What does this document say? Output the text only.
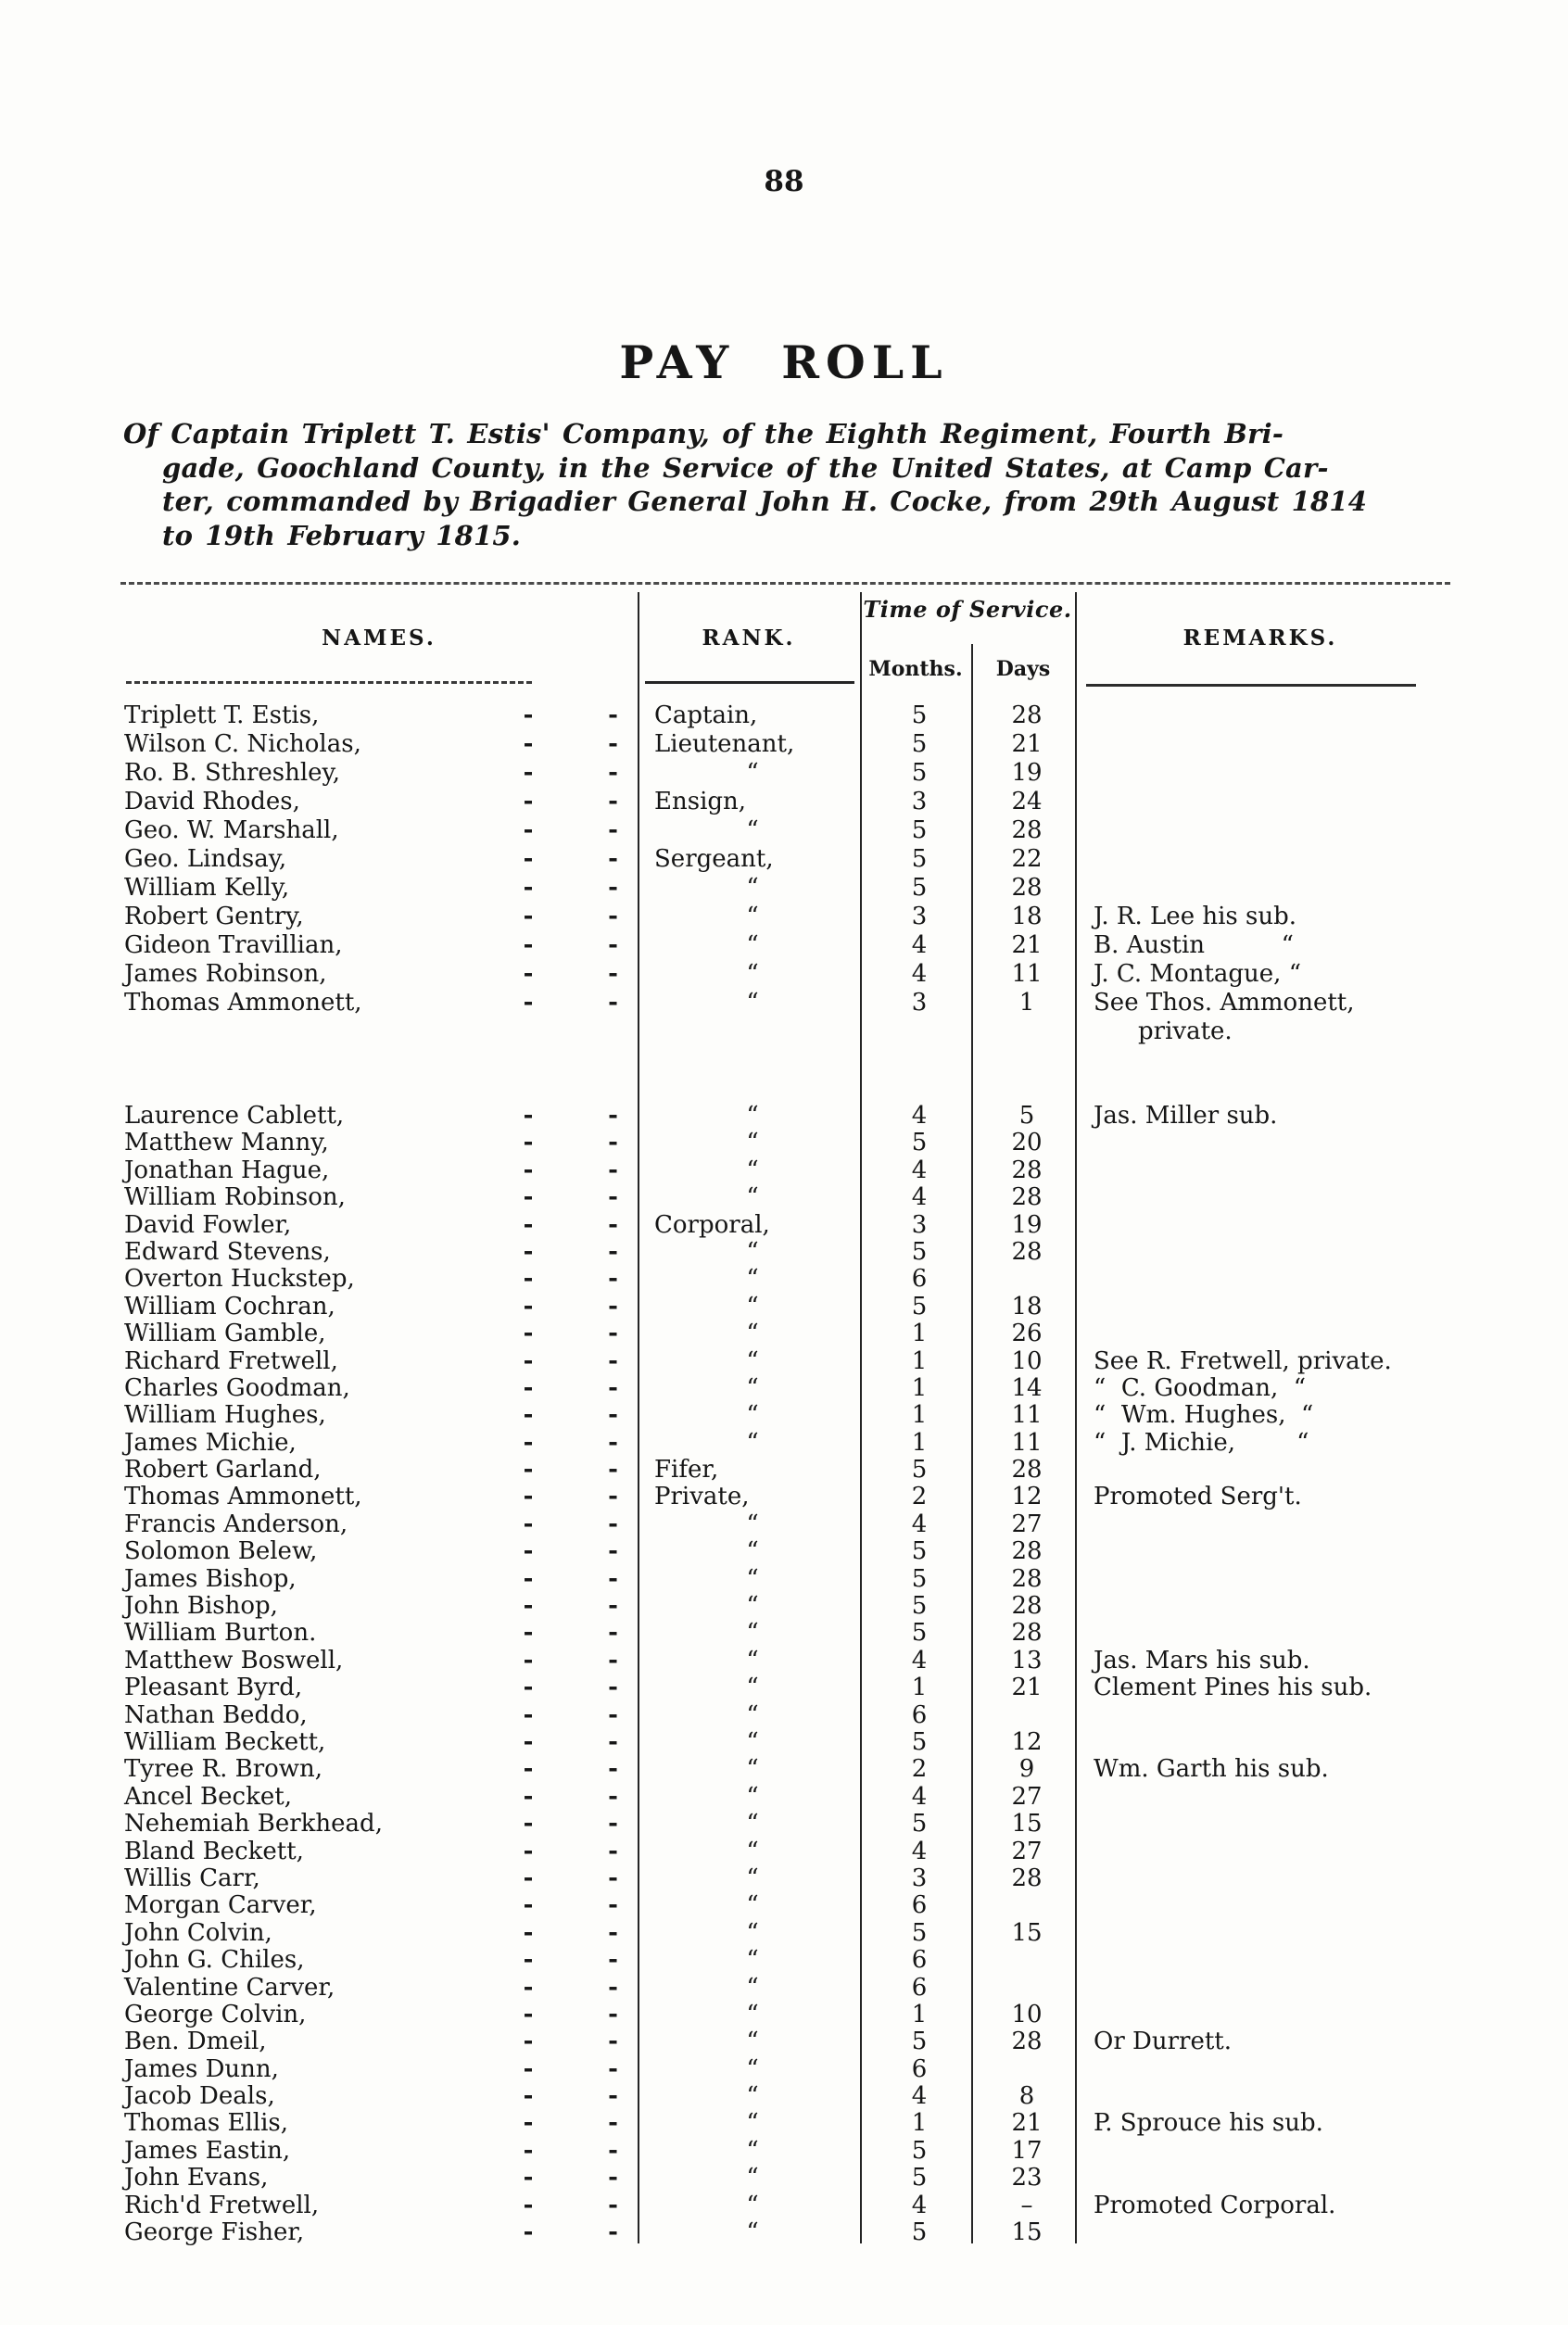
88
PAY ROLL
Of Captain Triplett T. Estis' Company, of the Eighth Regiment, Fourth Bri-
gade, Goochland County, in the Service of the United States, at Camp Car-
ter, commanded by Brigadier General John H. Cocke, from 29th August 1814
to 19th February 1815.
NAMES.	RANK.
Time of Service.
Months.	Days
REMARKS.
Triplett T. Estis,	-	-	Captain,	5	28
Wilson C. Nicholas,	-	-	Lieutenant,	5	21
Ro. B. Sthreshley,	-	-	“	5	19
David Rhodes,	-	-	Ensign,	3	24
Geo. W. Marshall,	-	-	“	5	28
Geo. Lindsay,	-	-	Sergeant,	5	22
William Kelly,	-	-	“	5	28
Robert Gentry,	-	-	“	3	18	J. R. Lee his sub.
Gideon Travillian,	-	-	“	4	21	B. Austin          “
James Robinson,	-	-	“	4	11	J. C. Montague, “
Thomas Ammonett,	-	-	“	3	1	See Thos. Ammonett,
private.
Laurence Cablett,	-	-	“	4	5	Jas. Miller sub.
Matthew Manny,	-	-	“	5	20
Jonathan Hague,	-	-	“	4	28
William Robinson,	-	-	“	4	28
David Fowler,	-	-	Corporal,	3	19
Edward Stevens,	-	-	“	5	28
Overton Huckstep,	-	-	“	6
William Cochran,	-	-	“	5	18
William Gamble,	-	-	“	1	26
Richard Fretwell,	-	-	“	1	10	See R. Fretwell, private.
Charles Goodman,	-	-	“	1	14	“  C. Goodman,  “
William Hughes,	-	-	“	1	11	“  Wm. Hughes,  “
James Michie,	-	-	“	1	11	“  J. Michie,        “
Robert Garland,	-	-	Fifer,	5	28
Thomas Ammonett,	-	-	Private,	2	12	Promoted Serg't.
Francis Anderson,	-	-	“	4	27
Solomon Belew,	-	-	“	5	28
James Bishop,	-	-	“	5	28
John Bishop,	-	-	“	5	28
William Burton.	-	-	“	5	28
Matthew Boswell,	-	-	“	4	13	Jas. Mars his sub.
Pleasant Byrd,	-	-	“	1	21	Clement Pines his sub.
Nathan Beddo,	-	-	“	6
William Beckett,	-	-	“	5	12
Tyree R. Brown,	-	-	“	2	9	Wm. Garth his sub.
Ancel Becket,	-	-	“	4	27
Nehemiah Berkhead,	-	-	“	5	15
Bland Beckett,	-	-	“	4	27
Willis Carr,	-	-	“	3	28
Morgan Carver,	-	-	“	6
John Colvin,	-	-	“	5	15
John G. Chiles,	-	-	“	6
Valentine Carver,	-	-	“	6
George Colvin,	-	-	“	1	10
Ben. Dmeil,	-	-	“	5	28	Or Durrett.
James Dunn,	-	-	“	6
Jacob Deals,	-	-	“	4	8
Thomas Ellis,	-	-	“	1	21	P. Sprouce his sub.
James Eastin,	-	-	“	5	17
John Evans,	-	-	“	5	23
Rich'd Fretwell,	-	-	“	4	–	Promoted Corporal.
George Fisher,	-	-	“	5	15
